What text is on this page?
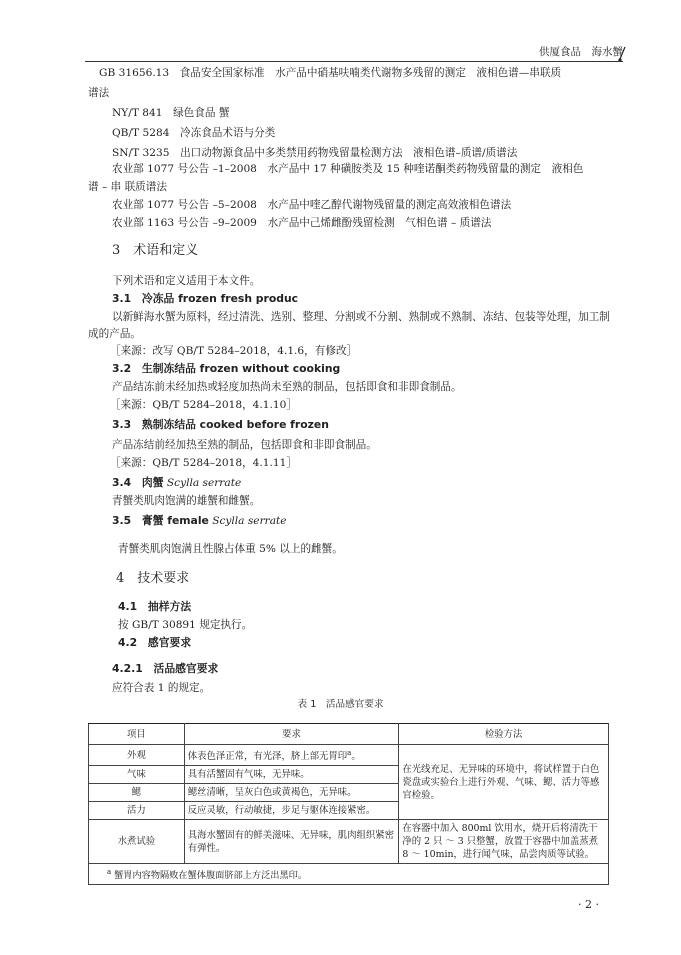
供厦食品　海水蟹
GB 31656.13　食品安全国家标准　水产品中硝基呋喃类代谢物多残留的测定　液相色谱—串联质
谱法
NY/T 841　绿色食品 蟹
QB/T 5284　冷冻食品术语与分类
SN/T 3235　出口动物源食品中多类禁用药物残留量检测方法　液相色谱–质谱/质谱法
农业部 1077 号公告 –1–2008　水产品中 17 种磺胺类及 15 种喹诺酮类药物残留量的测定　液相色
谱 – 串 联质谱法
农业部 1077 号公告 –5–2008　水产品中喹乙醇代谢物残留量的测定高效液相色谱法
农业部 1163 号公告 –9–2009　水产品中己烯雌酚残留检测　气相色谱 – 质谱法
3　术语和定义
下列术语和定义适用于本文件。
3.1　冷冻品 frozen fresh produc
以新鲜海水蟹为原料，经过清洗、选别、整理、分割或不分割、熟制或不熟制、冻结、包装等处理，加工制成的产品。
［来源：改写 QB/T 5284–2018，4.1.6，有修改］
3.2　生制冻结品 frozen without cooking
产品结冻前未经加热或轻度加热尚未至熟的制品，包括即食和非即食制品。
［来源：QB/T 5284–2018，4.1.10］
3.3　熟制冻结品 cooked before frozen
产品冻结前经加热至熟的制品，包括即食和非即食制品。
［来源：QB/T 5284–2018，4.1.11］
3.4　肉蟹 Scylla serrate
青蟹类肌肉饱满的雄蟹和雌蟹。
3.5　膏蟹 female Scylla serrate
青蟹类肌肉饱满且性腺占体重 5% 以上的雌蟹。
4　技术要求
4.1　抽样方法
按 GB/T 30891 规定执行。
4.2　感官要求
4.2.1　活品感官要求
应符合表 1 的规定。
表 1　活品感官要求
项目	要求	检验方法
外观	体表色泽正常，有光泽，脐上部无胃印$^a$。	在光线充足、无异味的环境中，将试样置于白色瓷盘或实验台上进行外观、气味、鳃、活力等感官检验。
气味	具有活蟹固有气味，无异味。	
鳃	鳃丝清晰，呈灰白色或黄褐色，无异味。	
活力	反应灵敏，行动敏捷，步足与躯体连接紧密。	
水煮试验	具海水蟹固有的鲜美滋味、无异味，肌肉组织紧密有弹性。	在容器中加入 800ml 饮用水，烧开后将清洗干净的 2 只 ～ 3 只整蟹，放置于容器中加盖蒸煮 8 ～ 10min，进行闻气味，品尝肉质等试验。
$^a$ 蟹胃内容物隔败在蟹体腹面脐部上方泛出黑印。		
· 2 ·
